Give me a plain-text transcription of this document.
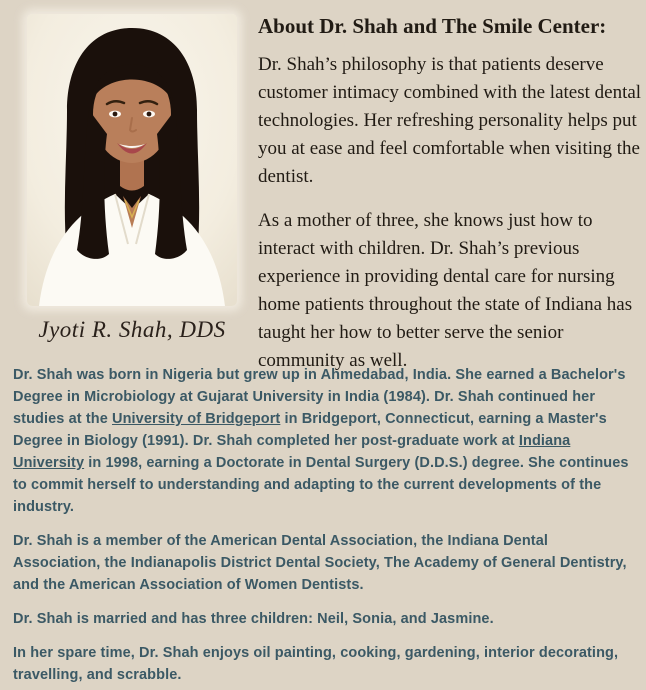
Jyoti R. Shah, DDS
About Dr. Shah and The Smile Center:

Dr. Shah’s philosophy is that patients deserve customer intimacy combined with the latest dental technologies. Her refreshing personality helps put you at ease and feel comfortable when visiting the dentist.

As a mother of three, she knows just how to interact with children. Dr. Shah’s previous experience in providing dental care for nursing home patients throughout the state of Indiana has taught her how to better serve the senior community as well.

Dr. Shah was born in Nigeria but grew up in Ahmedabad, India. She earned a Bachelor's Degree in Microbiology at Gujarat University in India (1984). Dr. Shah continued her studies at the University of Bridgeport in Bridgeport, Connecticut, earning a Master's Degree in Biology (1991). Dr. Shah completed her post-graduate work at Indiana University in 1998, earning a Doctorate in Dental Surgery (D.D.S.) degree. She continues to commit herself to understanding and adapting to the current developments of the industry.

Dr. Shah is a member of the American Dental Association, the Indiana Dental Association, the Indianapolis District Dental Society, The Academy of General Dentistry, and the American Association of Women Dentists.

Dr. Shah is married and has three children: Neil, Sonia, and Jasmine.

In her spare time, Dr. Shah enjoys oil painting, cooking, gardening, interior decorating, travelling, and scrabble.
